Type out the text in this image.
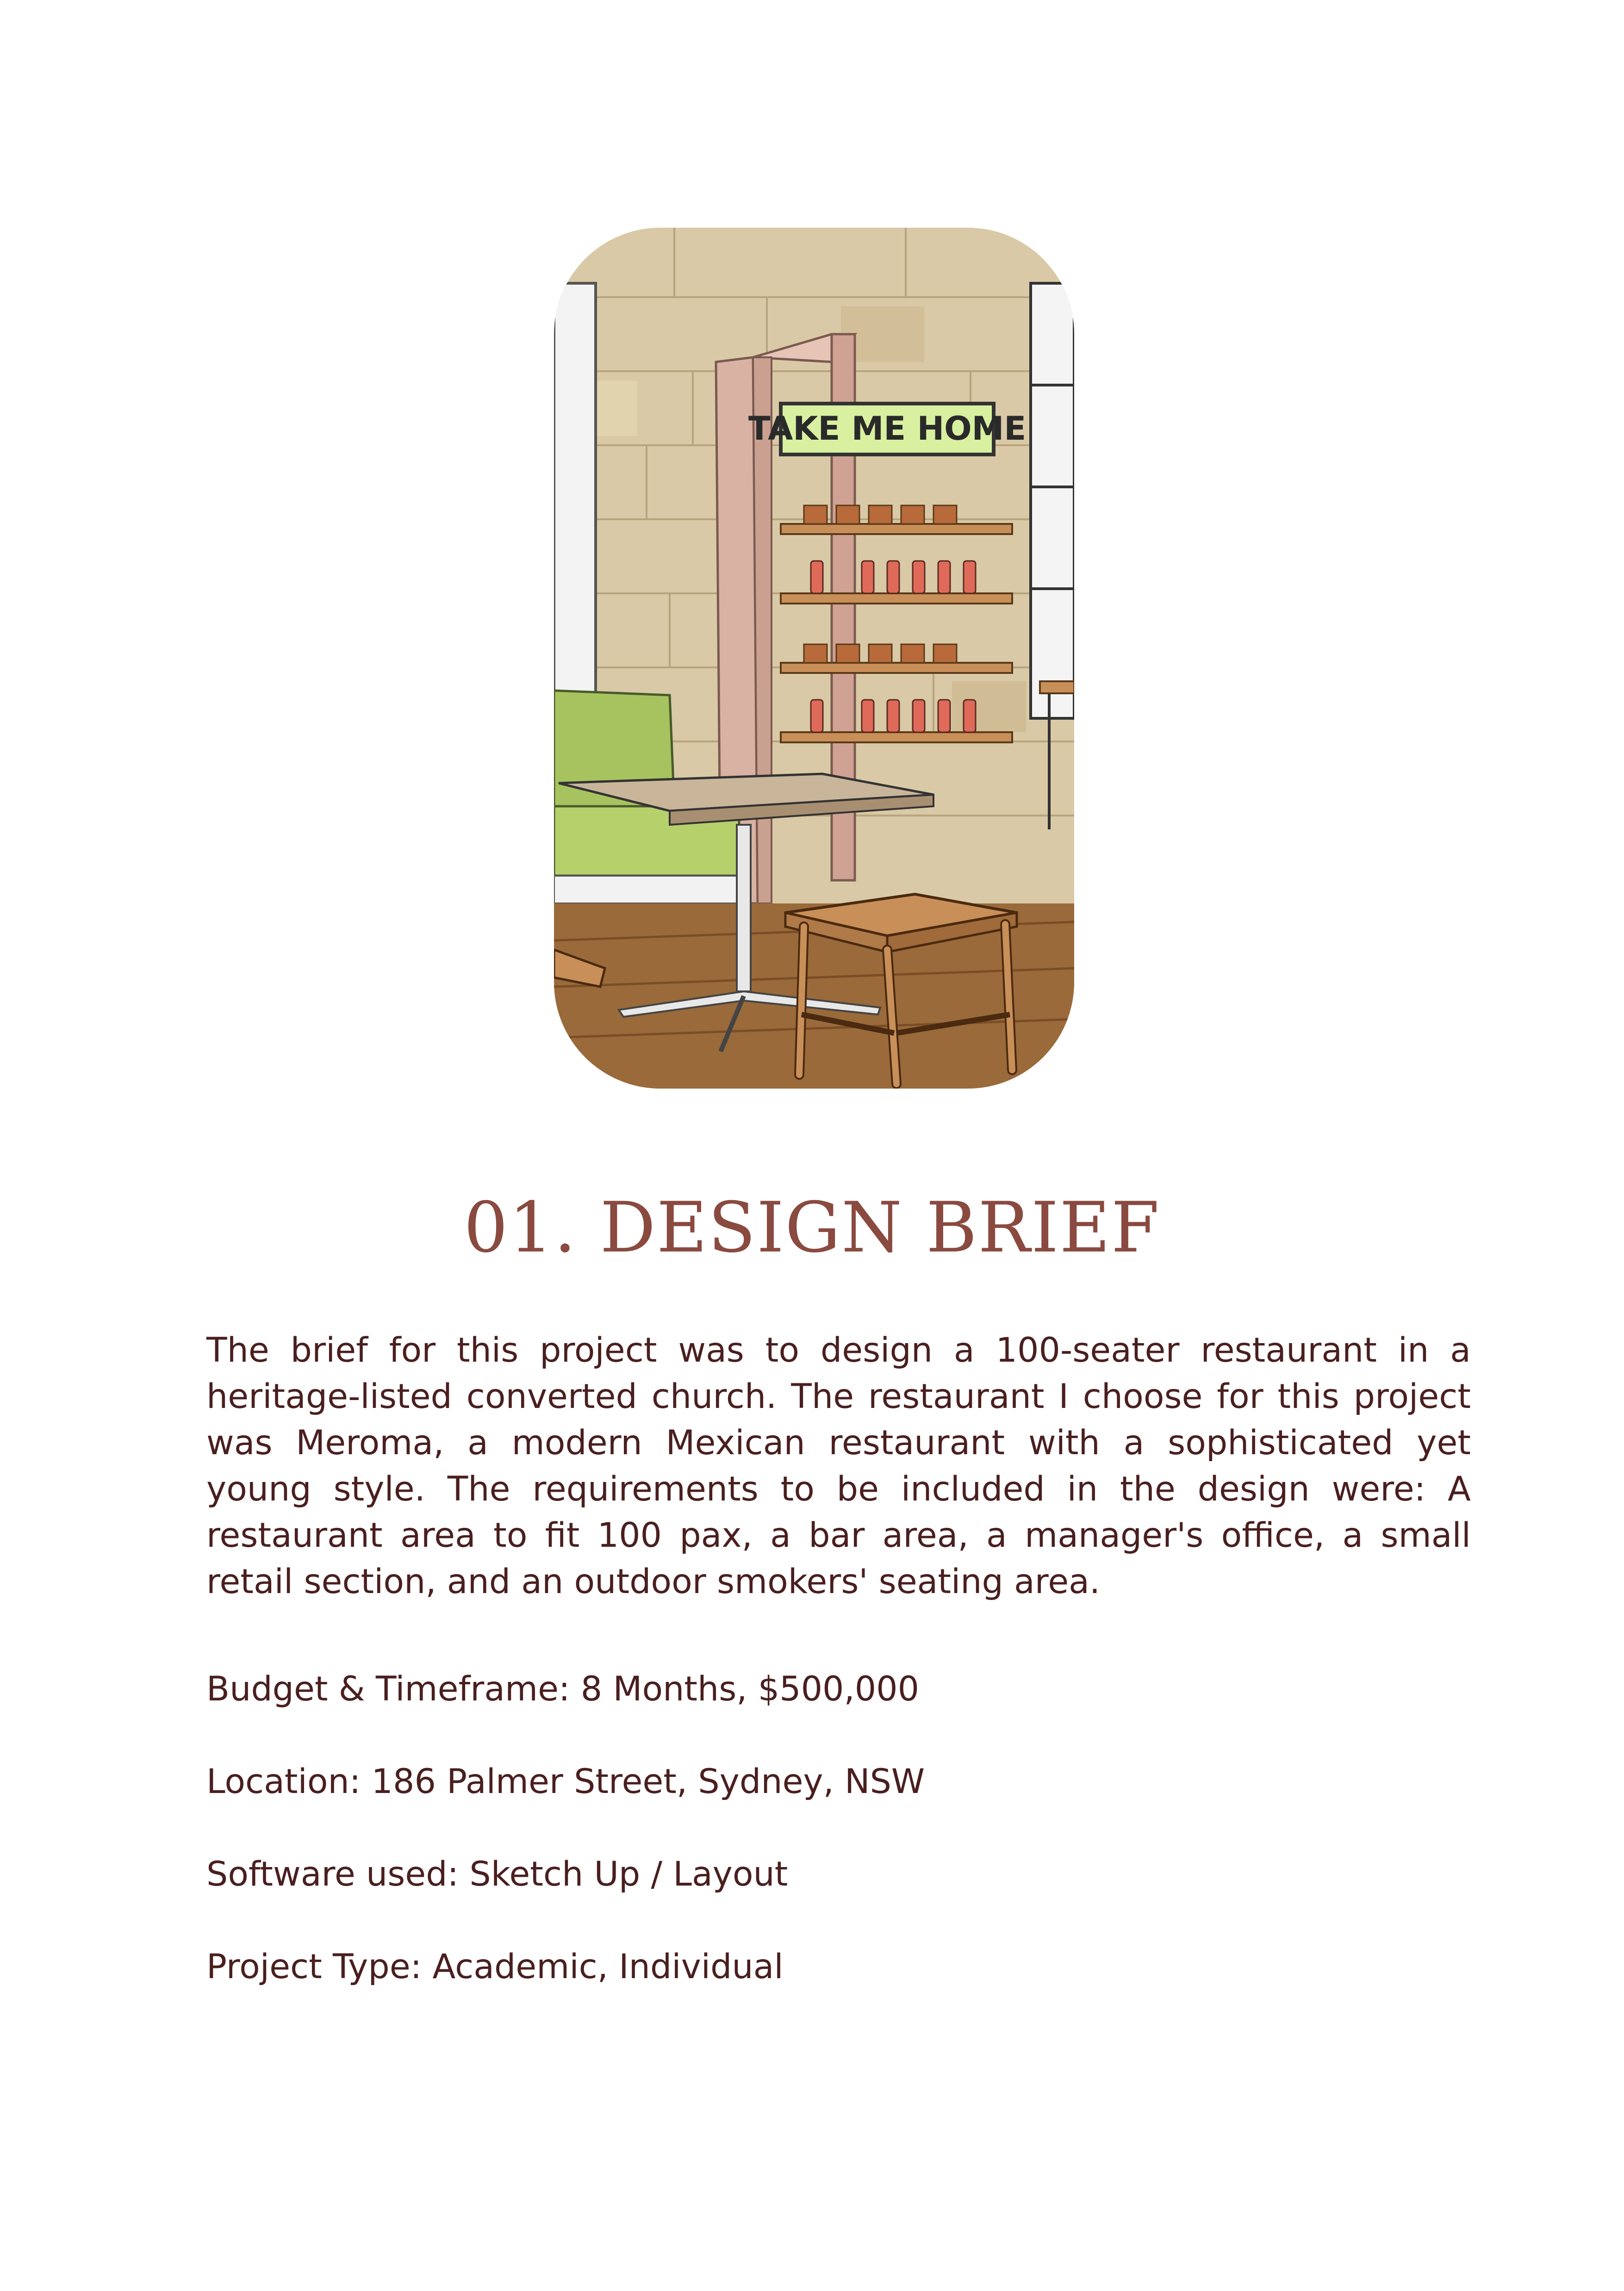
TAKE ME HOME
01. DESIGN BRIEF

The brief for this project was to design a 100-seater restaurant in a heritage-listed converted church. The restaurant I choose for this project was Meroma, a modern Mexican restaurant with a sophisticated yet young style. The requirements to be included in the design were: A restaurant area to fit 100 pax, a bar area, a manager's office, a small retail section, and an outdoor smokers' seating area.

Budget & Timeframe: 8 Months, $500,000
Location: 186 Palmer Street, Sydney, NSW
Software used: Sketch Up / Layout
Project Type: Academic, Individual
